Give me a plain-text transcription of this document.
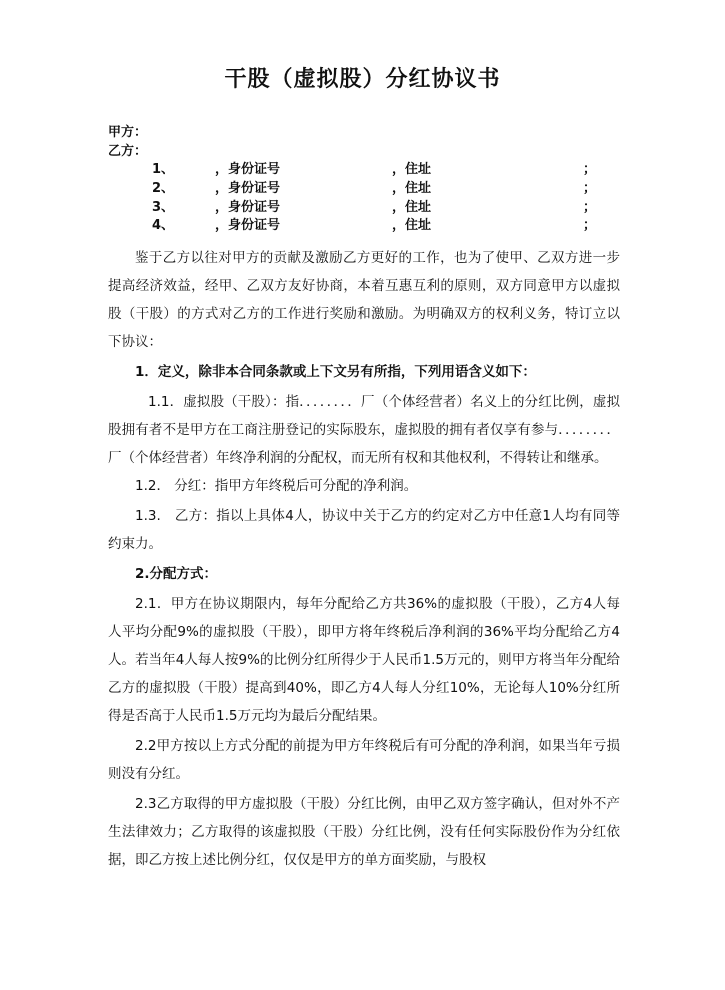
干股（虚拟股）分红协议书
甲方：
乙方：
1、	，身份证号	，住址	；
2、	，身份证号	，住址	；
3、	，身份证号	，住址	；
4、	，身份证号	，住址	；

鉴于乙方以往对甲方的贡献及激励乙方更好的工作，也为了使甲、乙双方进一步提高经济效益，经甲、乙双方友好协商，本着互惠互利的原则，双方同意甲方以虚拟股（干股）的方式对乙方的工作进行奖励和激励。为明确双方的权利义务，特订立以下协议：

1．定义，除非本合同条款或上下文另有所指，下列用语含义如下：

1.1．虚拟股（干股）：指．．．．．．．．厂（个体经营者）名义上的分红比例，虚拟股拥有者不是甲方在工商注册登记的实际股东，虚拟股的拥有者仅享有参与．．．．．．．．厂（个体经营者）年终净利润的分配权，而无所有权和其他权利，不得转让和继承。

1.2． 分红：指甲方年终税后可分配的净利润。

1.3.　乙方：指以上具体4人，协议中关于乙方的约定对乙方中任意1人均有同等约束力。

2.分配方式：

2.1．甲方在协议期限内，每年分配给乙方共36%的虚拟股（干股），乙方4人每人平均分配9%的虚拟股（干股），即甲方将年终税后净利润的36%平均分配给乙方4人。若当年4人每人按9%的比例分红所得少于人民币1.5万元的，则甲方将当年分配给乙方的虚拟股（干股）提高到40%，即乙方4人每人分红10%，无论每人10%分红所得是否高于人民币1.5万元均为最后分配结果。

2.2甲方按以上方式分配的前提为甲方年终税后有可分配的净利润，如果当年亏损则没有分红。

2.3乙方取得的甲方虚拟股（干股）分红比例，由甲乙双方签字确认，但对外不产生法律效力；乙方取得的该虚拟股（干股）分红比例，没有任何实际股份作为分红依据，即乙方按上述比例分红，仅仅是甲方的单方面奖励，与股权
